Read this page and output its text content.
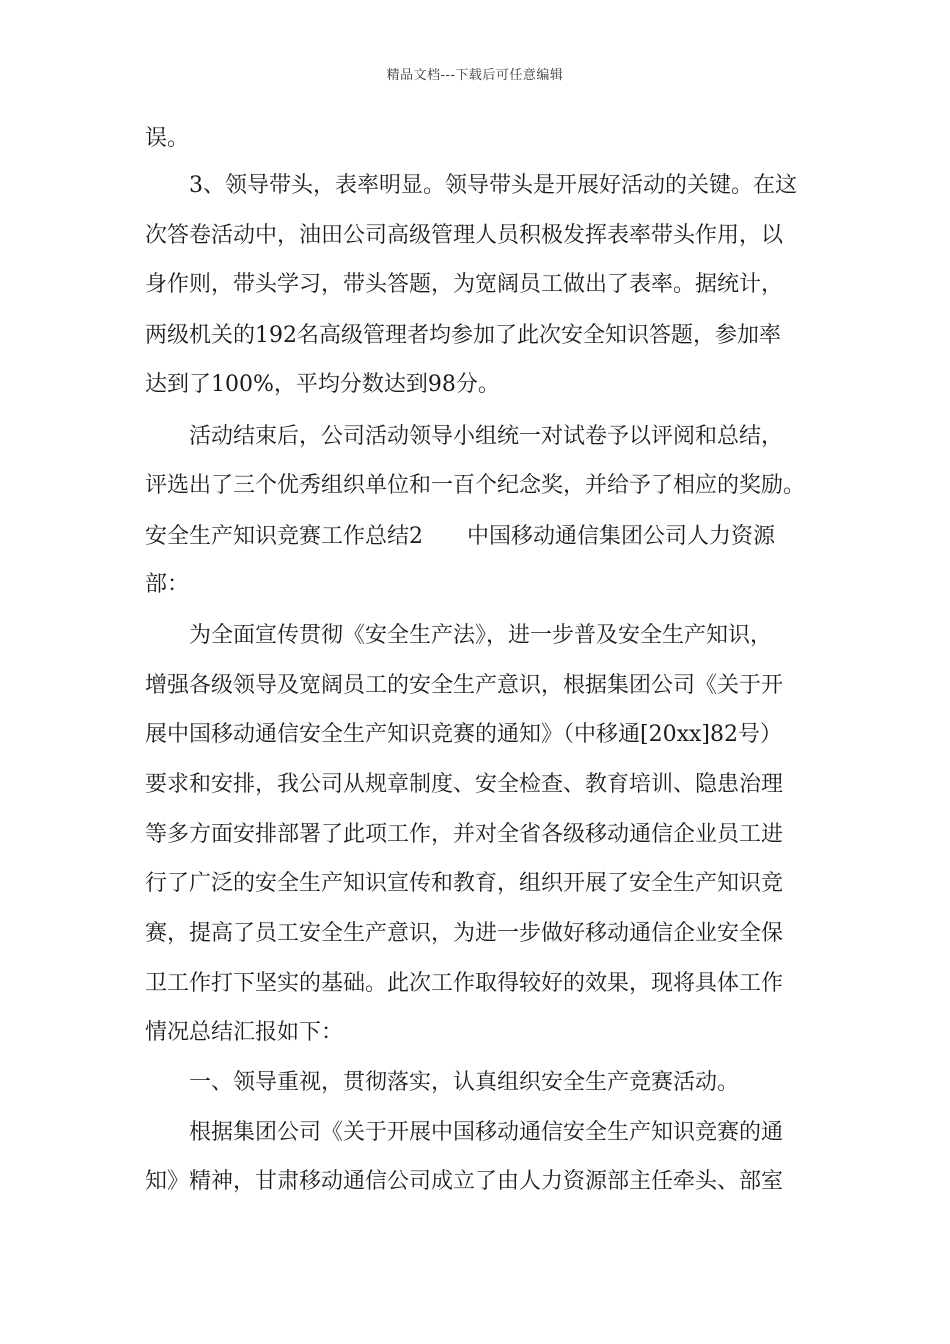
精品文档---下载后可任意编辑
误。
3、领导带头，表率明显。领导带头是开展好活动的关键。在这
次答卷活动中，油田公司高级管理人员积极发挥表率带头作用，以
身作则，带头学习，带头答题，为宽阔员工做出了表率。据统计，
两级机关的192名高级管理者均参加了此次安全知识答题，参加率
达到了100%，平均分数达到98分。
活动结束后，公司活动领导小组统一对试卷予以评阅和总结，
评选出了三个优秀组织单位和一百个纪念奖，并给予了相应的奖励。
安全生产知识竞赛工作总结2 中国移动通信集团公司人力资源
部：
为全面宣传贯彻《安全生产法》，进一步普及安全生产知识，
增强各级领导及宽阔员工的安全生产意识，根据集团公司《关于开
展中国移动通信安全生产知识竞赛的通知》（中移通[20xx]82号）
要求和安排，我公司从规章制度、安全检查、教育培训、隐患治理
等多方面安排部署了此项工作，并对全省各级移动通信企业员工进
行了广泛的安全生产知识宣传和教育，组织开展了安全生产知识竞
赛，提高了员工安全生产意识，为进一步做好移动通信企业安全保
卫工作打下坚实的基础。此次工作取得较好的效果，现将具体工作
情况总结汇报如下：
一、领导重视，贯彻落实，认真组织安全生产竞赛活动。
根据集团公司《关于开展中国移动通信安全生产知识竞赛的通
知》精神，甘肃移动通信公司成立了由人力资源部主任牵头、部室
